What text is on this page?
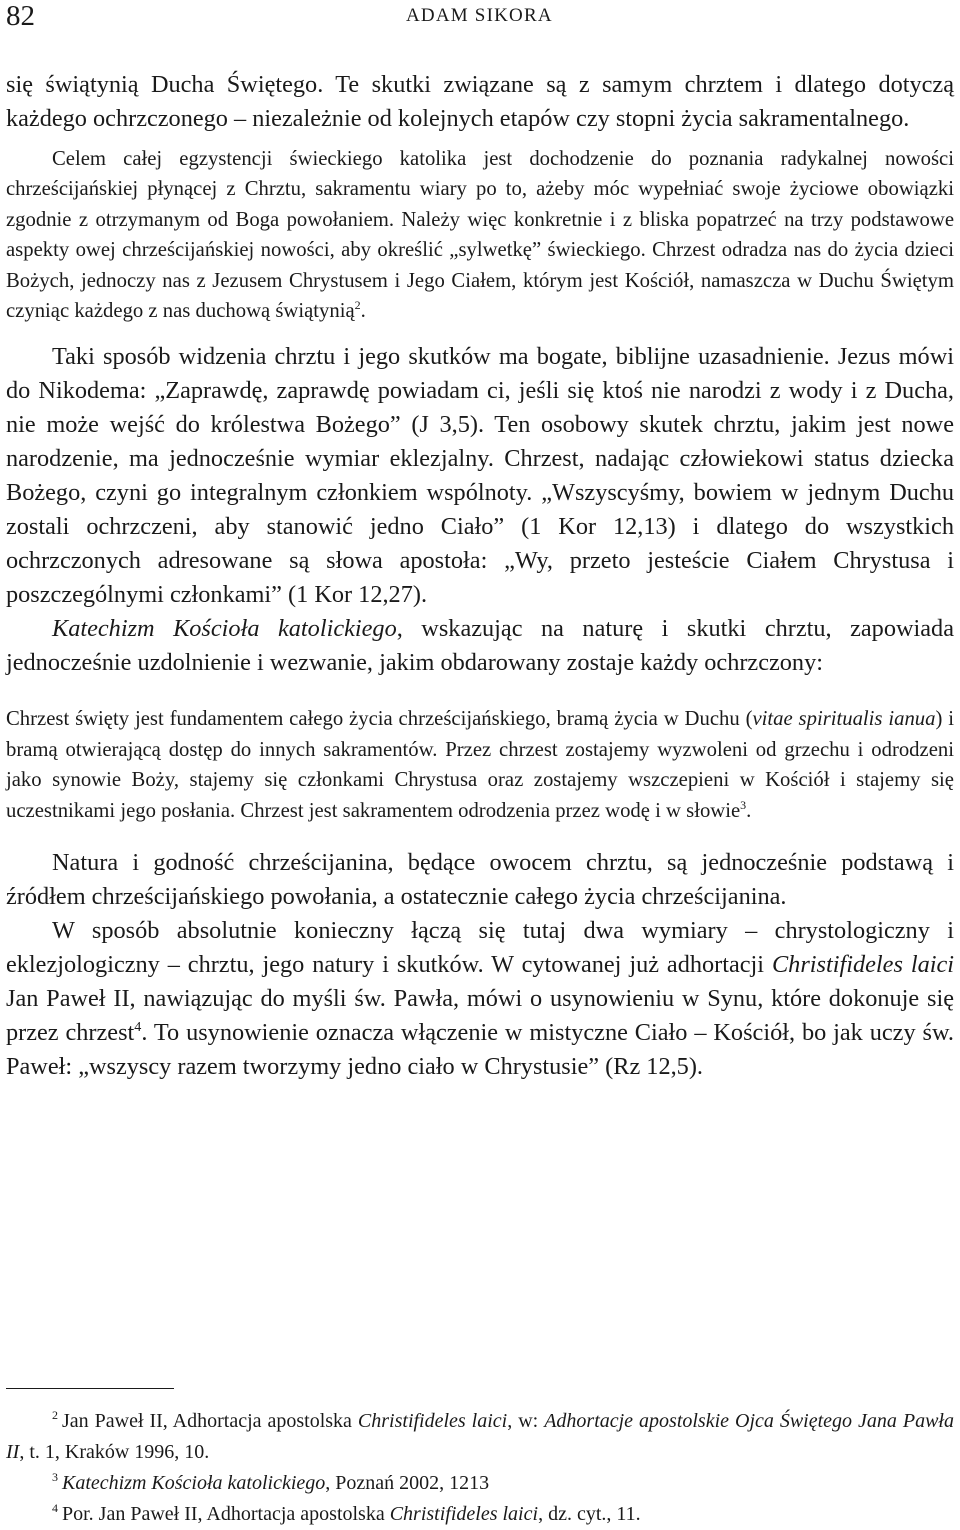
82	ADAM SIKORA

się świątynią Ducha Świętego. Te skutki związane są z samym chrztem i dlatego dotyczą każdego ochrzczonego – niezależnie od kolejnych etapów czy stopni życia sakramentalnego.

Celem całej egzystencji świeckiego katolika jest dochodzenie do poznania radykalnej nowości chrześcijańskiej płynącej z Chrztu, sakramentu wiary po to, ażeby móc wypełniać swoje życiowe obowiązki zgodnie z otrzymanym od Boga powołaniem. Należy więc konkretnie i z bliska popatrzeć na trzy podstawowe aspekty owej chrześcijańskiej nowości, aby określić „sylwetkę” świeckiego. Chrzest odradza nas do życia dzieci Bożych, jednoczy nas z Jezusem Chrystusem i Jego Ciałem, którym jest Kościół, namaszcza w Duchu Świętym czyniąc każdego z nas duchową świątynią$^2$.

Taki sposób widzenia chrztu i jego skutków ma bogate, biblijne uzasadnienie. Jezus mówi do Nikodema: „Zaprawdę, zaprawdę powiadam ci, jeśli się ktoś nie narodzi z wody i z Ducha, nie może wejść do królestwa Bożego” (J 3,5). Ten osobowy skutek chrztu, jakim jest nowe narodzenie, ma jednocześnie wymiar eklezjalny. Chrzest, nadając człowiekowi status dziecka Bożego, czyni go integralnym członkiem wspólnoty. „Wszyscyśmy, bowiem w jednym Duchu zostali ochrzczeni, aby stanowić jedno Ciało” (1 Kor 12,13) i dlatego do wszystkich ochrzczonych adresowane są słowa apostoła: „Wy, przeto jesteście Ciałem Chrystusa i poszczególnymi członkami” (1 Kor 12,27).

Katechizm Kościoła katolickiego, wskazując na naturę i skutki chrztu, zapowiada jednocześnie uzdolnienie i wezwanie, jakim obdarowany zostaje każdy ochrzczony:

Chrzest święty jest fundamentem całego życia chrześcijańskiego, bramą życia w Duchu (vitae spiritualis ianua) i bramą otwierającą dostęp do innych sakramentów. Przez chrzest zostajemy wyzwoleni od grzechu i odrodzeni jako synowie Boży, stajemy się członkami Chrystusa oraz zostajemy wszczepieni w Kościół i stajemy się uczestnikami jego posłania. Chrzest jest sakramentem odrodzenia przez wodę i w słowie$^3$.

Natura i godność chrześcijanina, będące owocem chrztu, są jednocześnie podstawą i źródłem chrześcijańskiego powołania, a ostatecznie całego życia chrześcijanina.

W sposób absolutnie konieczny łączą się tutaj dwa wymiary – chrystologiczny i eklezjologiczny – chrztu, jego natury i skutków. W cytowanej już adhortacji Christifideles laici Jan Paweł II, nawiązując do myśli św. Pawła, mówi o usynowieniu w Synu, które dokonuje się przez chrzest$^4$. To usynowienie oznacza włączenie w mistyczne Ciało – Kościół, bo jak uczy św. Paweł: „wszyscy razem tworzymy jedno ciało w Chrystusie” (Rz 12,5).

$^2$ Jan Paweł II, Adhortacja apostolska Christifideles laici, w: Adhortacje apostolskie Ojca Świętego Jana Pawła II, t. 1, Kraków 1996, 10.

$^3$ Katechizm Kościoła katolickiego, Poznań 2002, 1213

$^4$ Por. Jan Paweł II, Adhortacja apostolska Christifideles laici, dz. cyt., 11.
